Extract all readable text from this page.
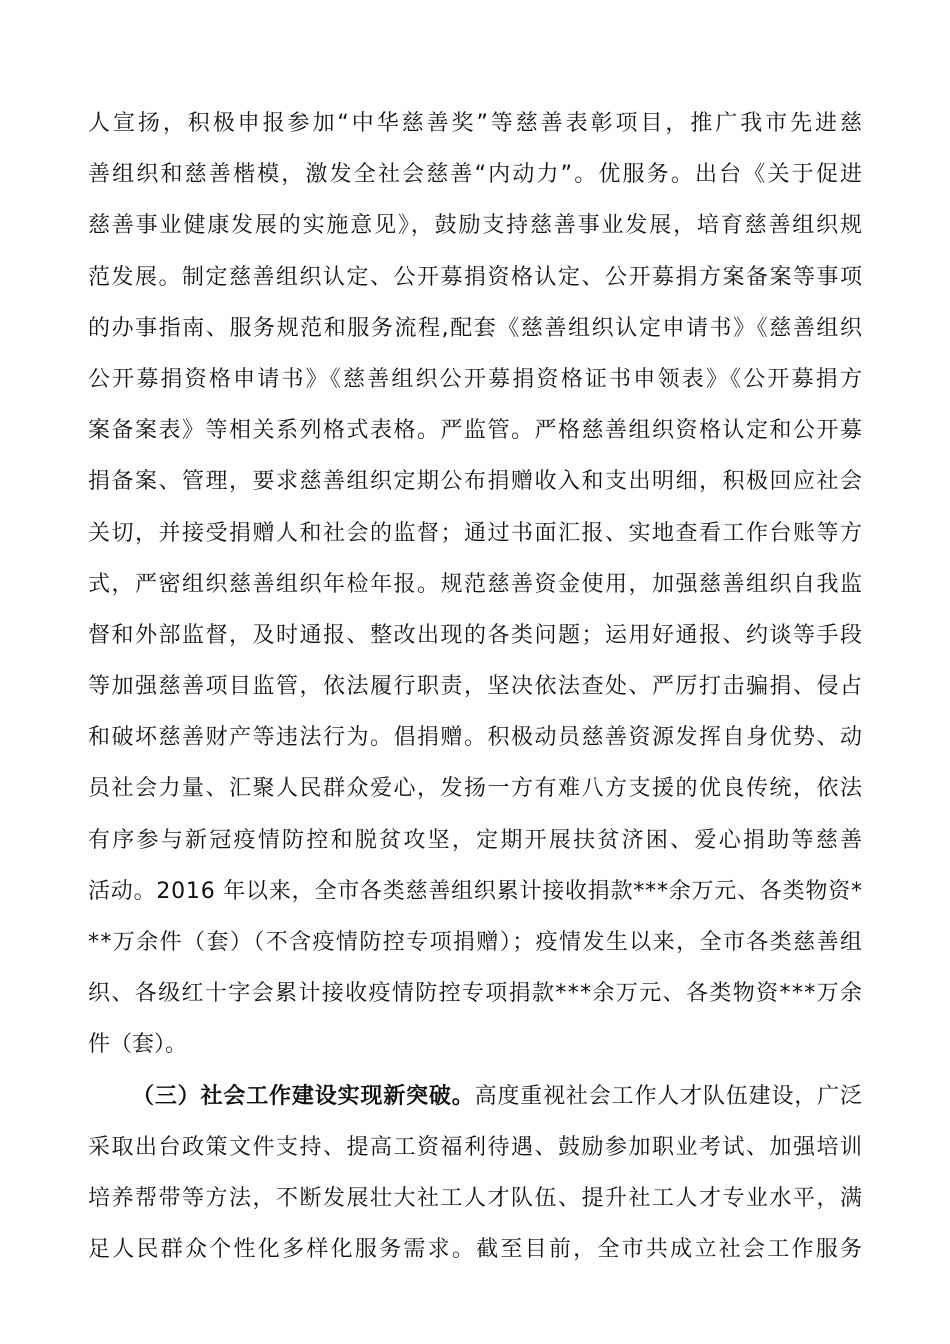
人宣扬，积极申报参加“中华慈善奖”等慈善表彰项目，推广我市先进慈
善组织和慈善楷模，激发全社会慈善“内动力”。优服务。出台《关于促进
慈善事业健康发展的实施意见》，鼓励支持慈善事业发展，培育慈善组织规
范发展。制定慈善组织认定、公开募捐资格认定、公开募捐方案备案等事项
的办事指南、服务规范和服务流程,配套《慈善组织认定申请书》《慈善组织
公开募捐资格申请书》《慈善组织公开募捐资格证书申领表》《公开募捐方
案备案表》等相关系列格式表格。严监管。严格慈善组织资格认定和公开募
捐备案、管理，要求慈善组织定期公布捐赠收入和支出明细，积极回应社会
关切，并接受捐赠人和社会的监督；通过书面汇报、实地查看工作台账等方
式，严密组织慈善组织年检年报。规范慈善资金使用，加强慈善组织自我监
督和外部监督，及时通报、整改出现的各类问题；运用好通报、约谈等手段
等加强慈善项目监管，依法履行职责，坚决依法查处、严厉打击骗捐、侵占
和破坏慈善财产等违法行为。倡捐赠。积极动员慈善资源发挥自身优势、动
员社会力量、汇聚人民群众爱心，发扬一方有难八方支援的优良传统，依法
有序参与新冠疫情防控和脱贫攻坚，定期开展扶贫济困、爱心捐助等慈善
活动。2016 年以来，全市各类慈善组织累计接收捐款***余万元、各类物资*
**万余件（套）（不含疫情防控专项捐赠）；疫情发生以来，全市各类慈善组
织、各级红十字会累计接收疫情防控专项捐款***余万元、各类物资***万余
件（套）。
（三）社会工作建设实现新突破。高度重视社会工作人才队伍建设，广泛
采取出台政策文件支持、提高工资福利待遇、鼓励参加职业考试、加强培训
培养帮带等方法，不断发展壮大社工人才队伍、提升社工人才专业水平，满
足人民群众个性化多样化服务需求。截至目前，全市共成立社会工作服务
